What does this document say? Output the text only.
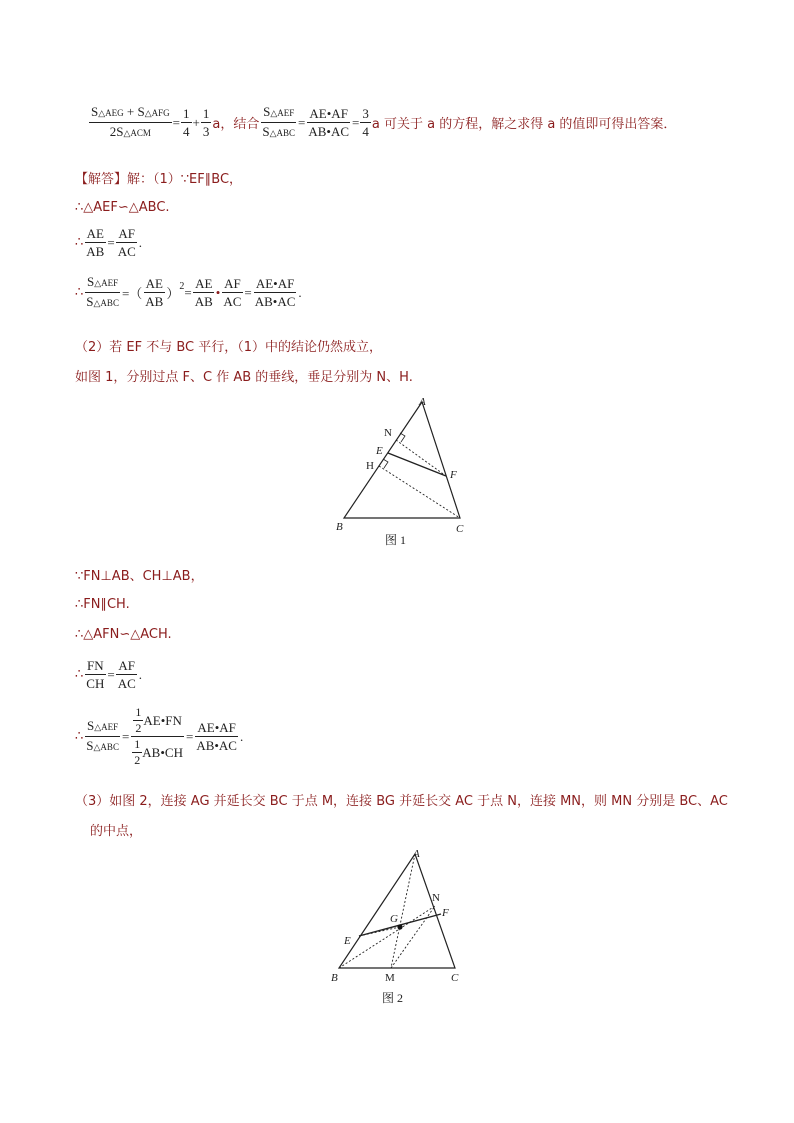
$\frac{\text{S△AEG + S△AFG}}{\text{2S△ACM}} = \frac{1}{4} + \frac{1}{3}$ a，结合 $\frac{\text{S△AEF}}{\text{S△ABC}} = \frac{AE•AF}{AB•AC} = \frac{3}{4}$ a 可关于 a 的方程，解之求得 a 的值即可得出答案．
【解答】解：（1）∵EF∥BC，
∴△AEF∽△ABC.
∴ $\frac{AE}{AB} = \frac{AF}{AC}$ .
∴ $\frac{\text{S△AEF}}{\text{S△ABC}}$ =（ $\frac{AE}{AB}$ ） $2 = \frac{AE}{AB}$ • $\frac{AF}{AC} = \frac{AE•AF}{AB•AC}$ .
（2）若 EF 不与 BC 平行，（1）中的结论仍然成立，
如图 1，分别过点 F、C 作 AB 的垂线，垂足分别为 N、H.
A
N
E
H
F
B	C
图 1
∵FN⊥AB、CH⊥AB，
∴FN∥CH.
∴△AFN∽△ACH.
∴ $\frac{FN}{CH} = \frac{AF}{AC}$ .
∴ $\frac{\text{S△AEF}}{\text{S△ABC}} = \frac{\frac{1}{2} AE•FN}{\frac{1}{2} AB•CH} = \frac{AE•AF}{AB•AC}$ .
（3）如图 2，连接 AG 并延长交 BC 于点 M，连接 BG 并延长交 AC 于点 N，连接 MN，则 MN 分别是 BC、AC
的中点，
A
N
F
G
E
B	M	C
图 2
